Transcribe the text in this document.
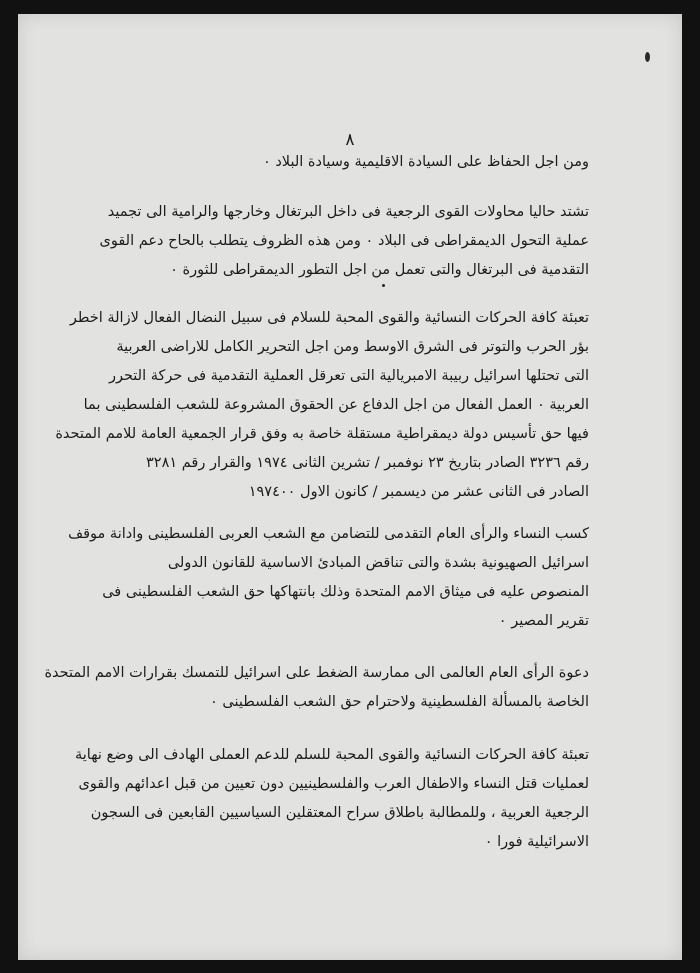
٨
ومن اجل الحفاظ على السيادة الاقليمية وسيادة البلاد ٠
تشتد حاليا محاولات القوى الرجعية فى داخل البرتغال وخارجها والرامية الى تجميد
عملية التحول الديمقراطى فى البلاد ٠ ومن هذه الظروف يتطلب بالحاح دعم القوى
التقدمية فى البرتغال والتى تعمل من اجل التطور الديمقراطى للثورة ٠
تعبئة كافة الحركات النسائية والقوى المحبة للسلام فى سبيل النضال الفعال لازالة اخطر
بؤر الحرب والتوتر فى الشرق الاوسط ومن اجل التحرير الكامل للاراضى العربية
التى تحتلها اسرائيل ربيبة الامبريالية التى تعرقل العملية التقدمية فى حركة التحرر
العربية ٠ العمل الفعال من اجل الدفاع عن الحقوق المشروعة للشعب الفلسطينى بما
فيها حق تأسيس دولة ديمقراطية مستقلة خاصة به وفق قرار الجمعية العامة للامم المتحدة
رقم ٣٢٣٦ الصادر بتاريخ ٢٣ نوفمبر / تشرين الثانى ١٩٧٤ والقرار رقم ٣٢٨١
الصادر فى الثانى عشر من ديسمبر / كانون الاول ١٩٧٤٠٠
كسب النساء والرأى العام التقدمى للتضامن مع الشعب العربى الفلسطينى وادانة موقف
اسرائيل الصهيونية بشدة والتى تناقض المبادئ الاساسية للقانون الدولى
المنصوص عليه فى ميثاق الامم المتحدة وذلك بانتهاكها حق الشعب الفلسطينى فى
تقرير المصير ٠
دعوة الرأى العام العالمى الى ممارسة الضغط على اسرائيل للتمسك بقرارات الامم المتحدة
الخاصة بالمسألة الفلسطينية ولاحترام حق الشعب الفلسطينى ٠
تعبئة كافة الحركات النسائية والقوى المحبة للسلم للدعم العملى الهادف الى وضع نهاية
لعمليات قتل النساء والاطفال العرب والفلسطينيين دون تعيين من قبل اعدائهم والقوى
الرجعية العربية ، وللمطالبة باطلاق سراح المعتقلين السياسيين القابعين فى السجون
الاسرائيلية فورا ٠
